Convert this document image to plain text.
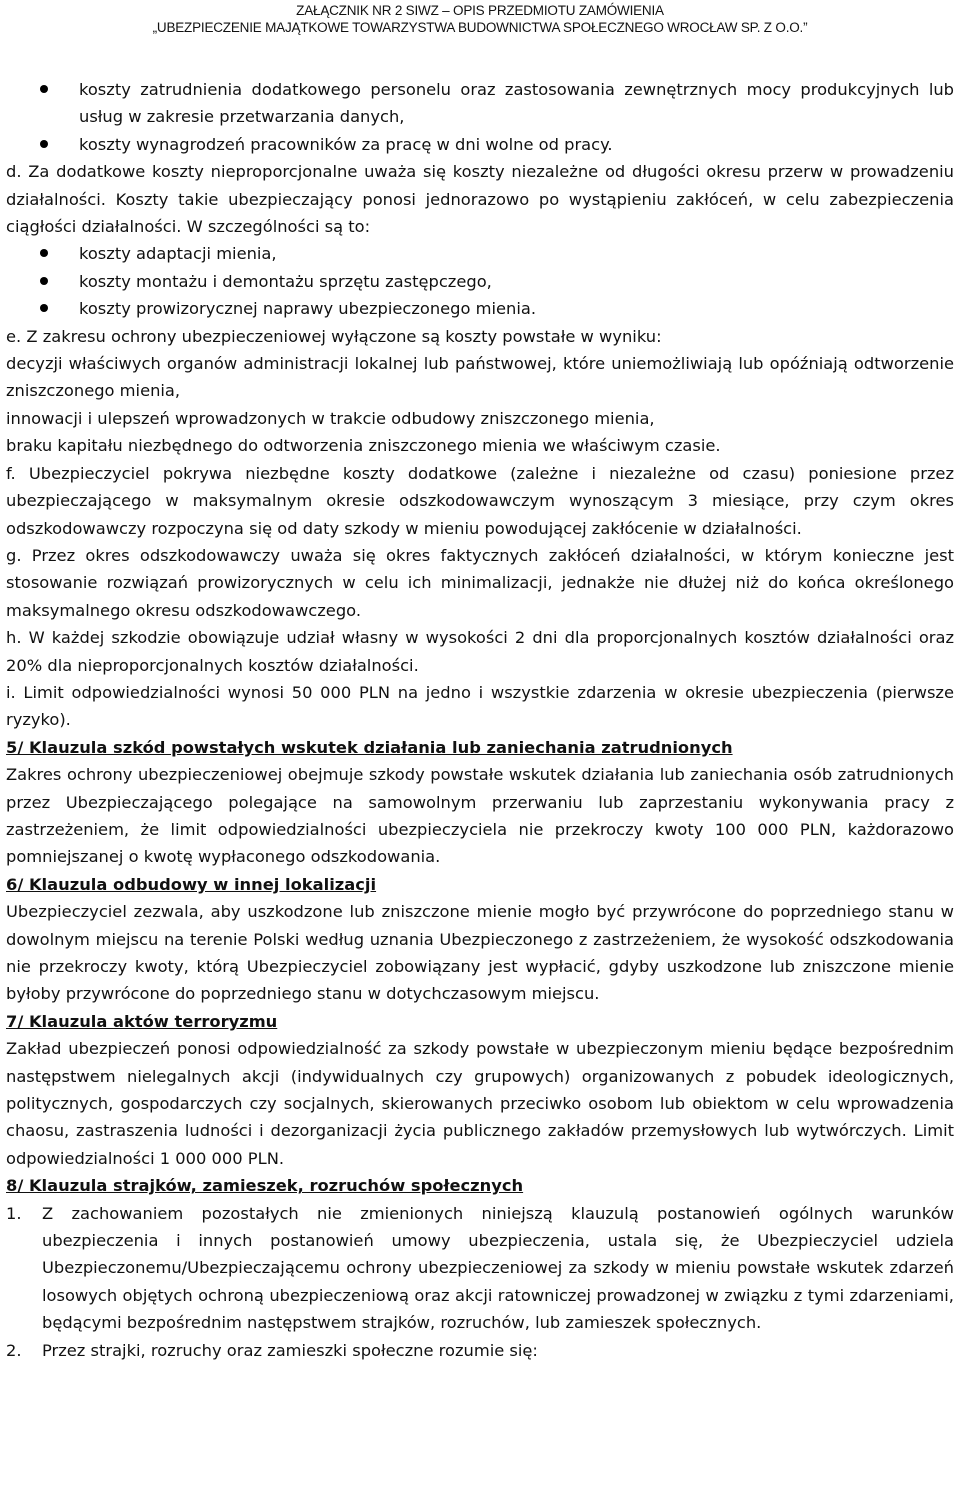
ZAŁĄCZNIK NR 2 SIWZ – OPIS PRZEDMIOTU ZAMÓWIENIA
„UBEZPIECZENIE MAJĄTKOWE TOWARZYSTWA BUDOWNICTWA SPOŁECZNEGO WROCŁAW SP. Z O.O.”
koszty zatrudnienia dodatkowego personelu oraz zastosowania zewnętrznych mocy produkcyjnych lub usług w zakresie przetwarzania danych,
koszty wynagrodzeń pracowników za pracę w dni wolne od pracy.

d. Za dodatkowe koszty nieproporcjonalne uważa się koszty niezależne od długości okresu przerw w prowadzeniu działalności. Koszty takie ubezpieczający ponosi jednorazowo po wystąpieniu zakłóceń, w celu zabezpieczenia ciągłości działalności. W szczególności są to:

koszty adaptacji mienia,
koszty montażu i demontażu sprzętu zastępczego,
koszty prowizorycznej naprawy ubezpieczonego mienia.

e. Z zakresu ochrony ubezpieczeniowej wyłączone są koszty powstałe w wyniku:

decyzji właściwych organów administracji lokalnej lub państwowej, które uniemożliwiają lub opóźniają odtworzenie zniszczonego mienia,

innowacji i ulepszeń wprowadzonych w trakcie odbudowy zniszczonego mienia,

braku kapitału niezbędnego do odtworzenia zniszczonego mienia we właściwym czasie.

f. Ubezpieczyciel pokrywa niezbędne koszty dodatkowe (zależne i niezależne od czasu) poniesione przez ubezpieczającego w maksymalnym okresie odszkodowawczym wynoszącym 3 miesiące, przy czym okres odszkodowawczy rozpoczyna się od daty szkody w mieniu powodującej zakłócenie w działalności.

g. Przez okres odszkodowawczy uważa się okres faktycznych zakłóceń działalności, w którym konieczne jest stosowanie rozwiązań prowizorycznych w celu ich minimalizacji, jednakże nie dłużej niż do końca określonego maksymalnego okresu odszkodowawczego.

h. W każdej szkodzie obowiązuje udział własny w wysokości 2 dni dla proporcjonalnych kosztów działalności oraz 20% dla nieproporcjonalnych kosztów działalności.

i. Limit odpowiedzialności wynosi 50 000 PLN na jedno i wszystkie zdarzenia w okresie ubezpieczenia (pierwsze ryzyko).

5/ Klauzula szkód powstałych wskutek działania lub zaniechania zatrudnionych

Zakres ochrony ubezpieczeniowej obejmuje szkody powstałe wskutek działania lub zaniechania osób zatrudnionych przez Ubezpieczającego polegające na samowolnym przerwaniu lub zaprzestaniu wykonywania pracy z zastrzeżeniem, że limit odpowiedzialności ubezpieczyciela nie przekroczy kwoty 100 000 PLN, każdorazowo pomniejszanej o kwotę wypłaconego odszkodowania.

6/ Klauzula odbudowy w innej lokalizacji

Ubezpieczyciel zezwala, aby uszkodzone lub zniszczone mienie mogło być przywrócone do poprzedniego stanu w dowolnym miejscu na terenie Polski według uznania Ubezpieczonego z zastrzeżeniem, że wysokość odszkodowania nie przekroczy kwoty, którą Ubezpieczyciel zobowiązany jest wypłacić, gdyby uszkodzone lub zniszczone mienie byłoby przywrócone do poprzedniego stanu w dotychczasowym miejscu.

7/ Klauzula aktów terroryzmu

Zakład ubezpieczeń ponosi odpowiedzialność za szkody powstałe w ubezpieczonym mieniu będące bezpośrednim następstwem nielegalnych akcji (indywidualnych czy grupowych) organizowanych z pobudek ideologicznych, politycznych, gospodarczych czy socjalnych, skierowanych przeciwko osobom lub obiektom w celu wprowadzenia chaosu, zastraszenia ludności i dezorganizacji życia publicznego zakładów przemysłowych lub wytwórczych. Limit odpowiedzialności 1 000 000 PLN.

8/ Klauzula strajków, zamieszek, rozruchów społecznych

1. Z zachowaniem pozostałych nie zmienionych niniejszą klauzulą postanowień ogólnych warunków ubezpieczenia i innych postanowień umowy ubezpieczenia, ustala się, że Ubezpieczyciel udziela Ubezpieczonemu/Ubezpieczającemu ochrony ubezpieczeniowej za szkody w mieniu powstałe wskutek zdarzeń losowych objętych ochroną ubezpieczeniową oraz akcji ratowniczej prowadzonej w związku z tymi zdarzeniami, będącymi bezpośrednim następstwem strajków, rozruchów, lub zamieszek społecznych.
2. Przez strajki, rozruchy oraz zamieszki społeczne rozumie się:
